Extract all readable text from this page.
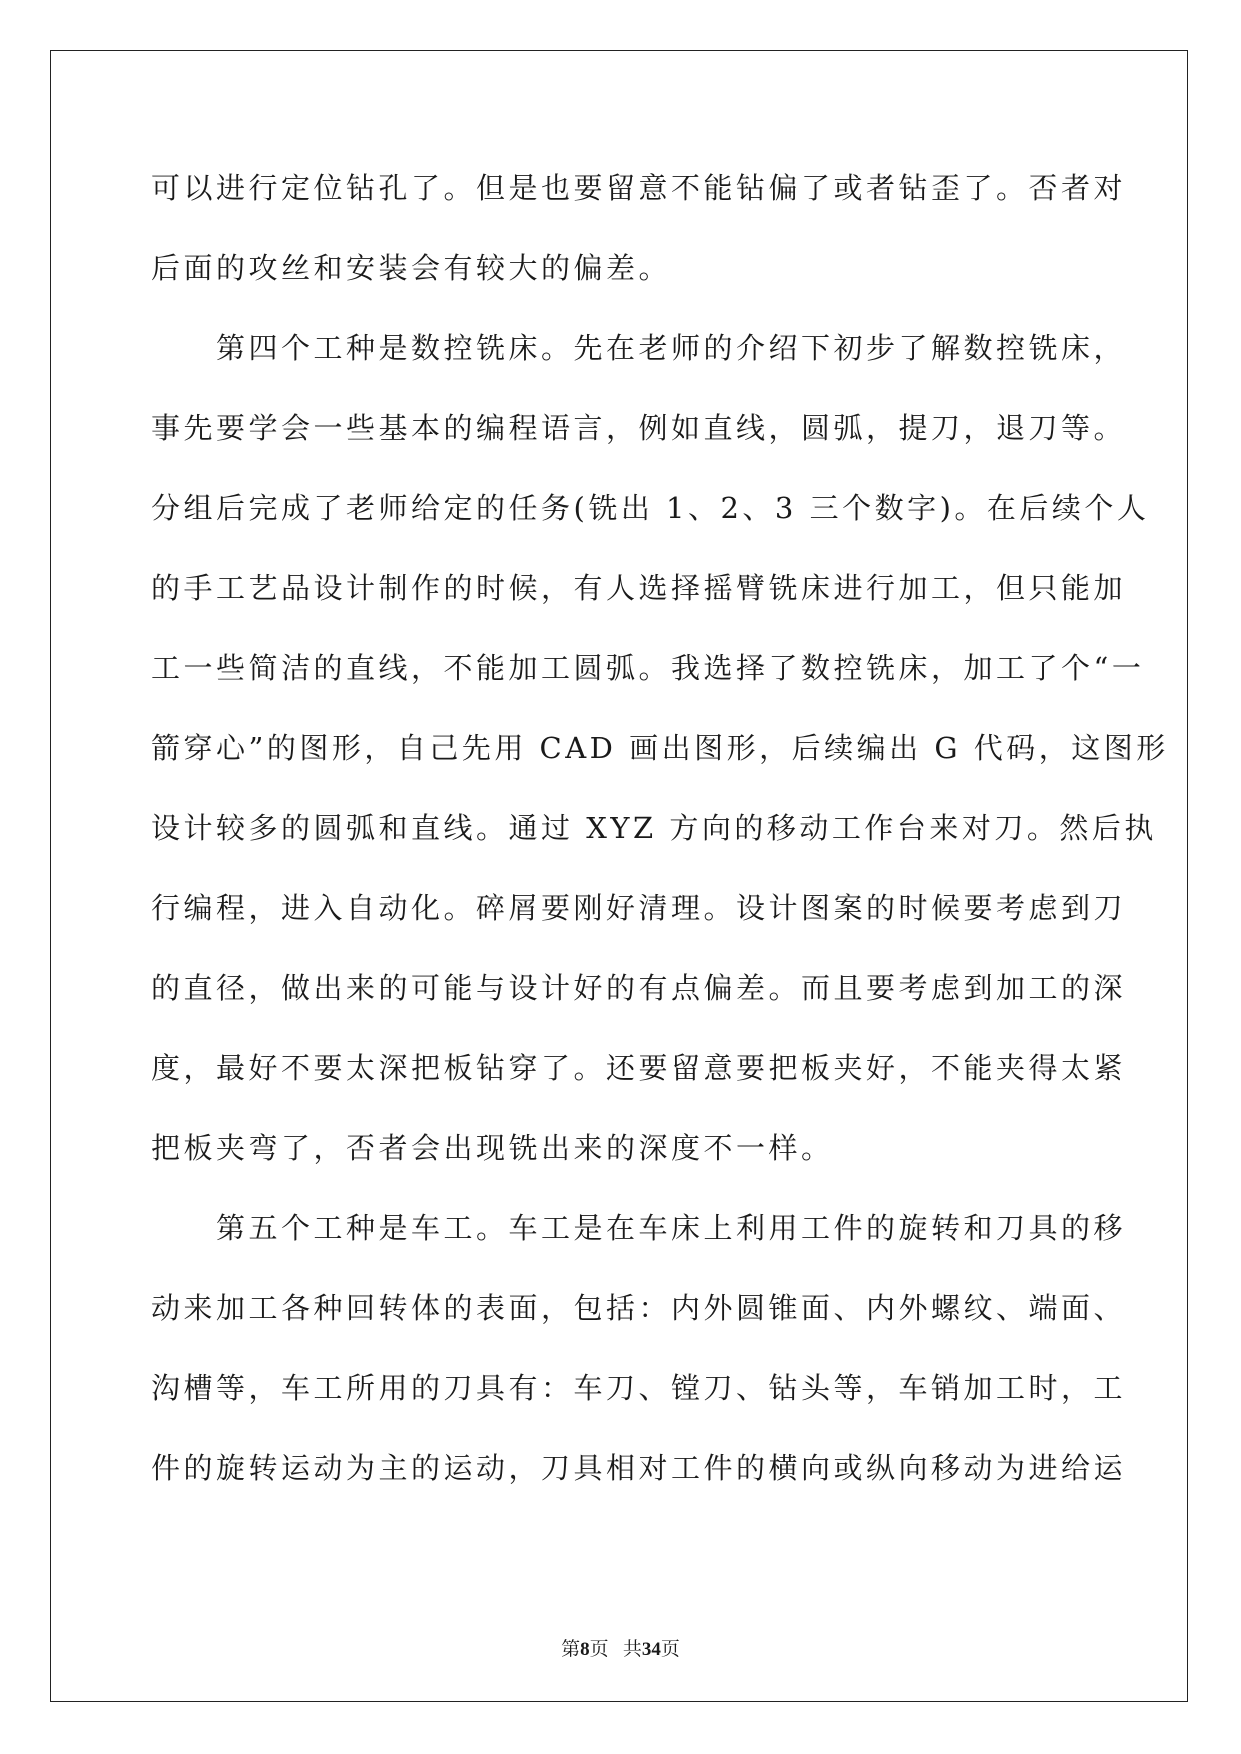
可以进行定位钻孔了。但是也要留意不能钻偏了或者钻歪了。否者对
后面的攻丝和安装会有较大的偏差。
　　第四个工种是数控铣床。先在老师的介绍下初步了解数控铣床，
事先要学会一些基本的编程语言，例如直线，圆弧，提刀，退刀等。
分组后完成了老师给定的任务(铣出 1、2、3 三个数字)。在后续个人
的手工艺品设计制作的时候，有人选择摇臂铣床进行加工，但只能加
工一些简洁的直线，不能加工圆弧。我选择了数控铣床，加工了个“一
箭穿心”的图形，自己先用 CAD 画出图形，后续编出 G 代码，这图形
设计较多的圆弧和直线。通过 XYZ 方向的移动工作台来对刀。然后执
行编程，进入自动化。碎屑要刚好清理。设计图案的时候要考虑到刀
的直径，做出来的可能与设计好的有点偏差。而且要考虑到加工的深
度，最好不要太深把板钻穿了。还要留意要把板夹好，不能夹得太紧
把板夹弯了，否者会出现铣出来的深度不一样。
　　第五个工种是车工。车工是在车床上利用工件的旋转和刀具的移
动来加工各种回转体的表面，包括：内外圆锥面、内外螺纹、端面、
沟槽等，车工所用的刀具有：车刀、镗刀、钻头等，车销加工时，工
件的旋转运动为主的运动，刀具相对工件的横向或纵向移动为进给运
第8页 共34页
